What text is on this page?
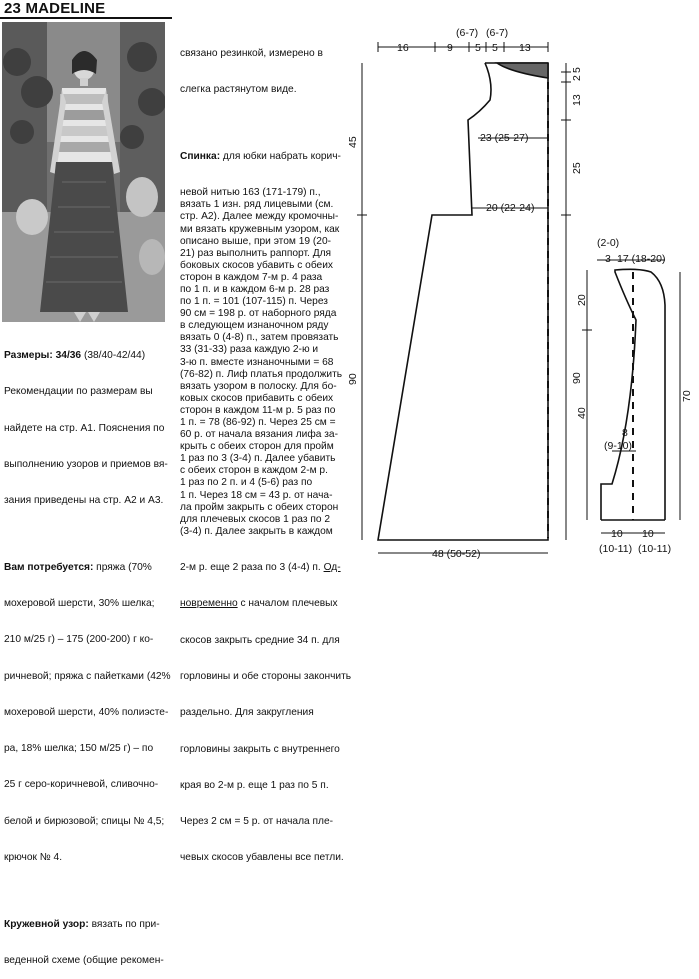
23 MADELINE

Размеры: 34/36 (38/40-42/44)

Рекомендации по размерам вы

найдете на стр. А1. Пояснения по

выполнению узоров и приемов вя-

зания приведены на стр. А2 и А3.

Вам потребуется: пряжа (70%

мохеровой шерсти, 30% шелка;

210 м/25 г) – 175 (200-200) г ко-

ричневой; пряжа с пайетками (42%

мохеровой шерсти, 40% полиэсте-

ра, 18% шелка; 150 м/25 г) – по

25 г серо-коричневой, сливочно-

белой и бирюзовой; спицы № 4,5;

крючок № 4.

Кружевной узор: вязать по при-

веденной схеме (общие рекомен-

связано резинкой, измерено в

слегка растянутом виде.

Спинка: для юбки набрать корич-

невой нитью 163 (171-179) п.,

вязать 1 изн. ряд лицевыми (см.

стр. А2). Далее между кромочны-

ми вязать кружевным узором, как

описано выше, при этом 19 (20-

21) раз выполнить раппорт. Для

боковых скосов убавить с обеих

сторон в каждом 7-м р. 4 раза

по 1 п. и в каждом 6-м р. 28 раз

по 1 п. = 101 (107-115) п. Через

90 см = 198 р. от наборного ряда

в следующем изнаночном ряду

вязать 0 (4-8) п., затем провязать

33 (31-33) раза каждую 2-ю и

3-ю п. вместе изнаночными = 68

(76-82) п. Лиф платья продолжить

вязать узором в полоску. Для бо-

ковых скосов прибавить с обеих

сторон в каждом 11-м р. 5 раз по

1 п. = 78 (86-92) п. Через 25 см =

60 р. от начала вязания лифа за-

крыть с обеих сторон для пройм

1 раз по 3 (3-4) п. Далее убавить

с обеих сторон в каждом 2-м р.

1 раз по 2 п. и 4 (5-6) раз по

1 п. Через 18 см = 43 р. от нача-

ла пройм закрыть с обеих сторон

для плечевых скосов 1 раз по 2

(3-4) п. Далее закрыть в каждом

2-м р. еще 2 раза по 3 (4-4) п. Од-

новременно с началом плечевых

скосов закрыть средние 34 п. для

горловины и обе стороны закончить

раздельно. Для закругления

горловины закрыть с внутреннего

края во 2-м р. еще 1 раз по 5 п.

Через 2 см = 5 р. от начала пле-

чевых скосов убавлены все петли.

16	9 5 5 13
(6-7) (6-7)
45
90
23 (25-27)
20 (22-24)
48 (50-52)
5
2
13
25
90
(2-0)
3 17 (18-20)
20
40
70
8
(9-10)
10 10
(10-11) (10-11)
